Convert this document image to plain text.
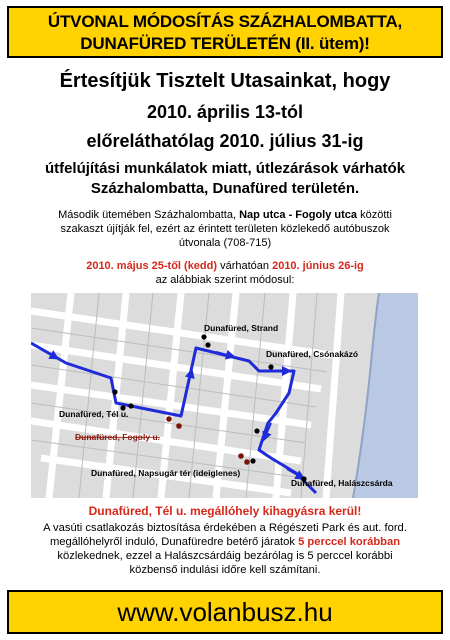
ÚTVONAL MÓDOSÍTÁS SZÁZHALOMBATTA,
DUNAFÜRED TERÜLETÉN (II. ütem)!
Értesítjük Tisztelt Utasainkat, hogy
2010. április 13-tól
előreláthatólag 2010. július 31-ig
útfelújítási munkálatok miatt, útlezárások várhatók
Százhalombatta, Dunafüred területén.
Második ütemében Százhalombatta, Nap utca - Fogoly utca közötti
szakaszt újítják fel, ezért az érintett területen közlekedő autóbuszok
útvonala (708-715)
2010. május 25-től (kedd) várhatóan 2010. június 26-ig
az alábbiak szerint módosul:
Dunafüred, Strand
Dunafüred, Csónakázó
Dunafüred, Tél u.
Dunafüred, Fogoly u.
Dunafüred, Napsugár tér (ideiglenes)
Dunafüred, Halászcsárda
Dunafüred, Tél u. megállóhely kihagyásra kerül!
A vasúti csatlakozás biztosítása érdekében a Régészeti Park és aut. ford.
megállóhelyről induló, Dunafüredre betérő járatok 5 perccel korábban
közlekednek, ezzel a Halászcsárdáig bezárólag is 5 perccel korábbi
közbenső indulási időre kell számítani.
www.volanbusz.hu
